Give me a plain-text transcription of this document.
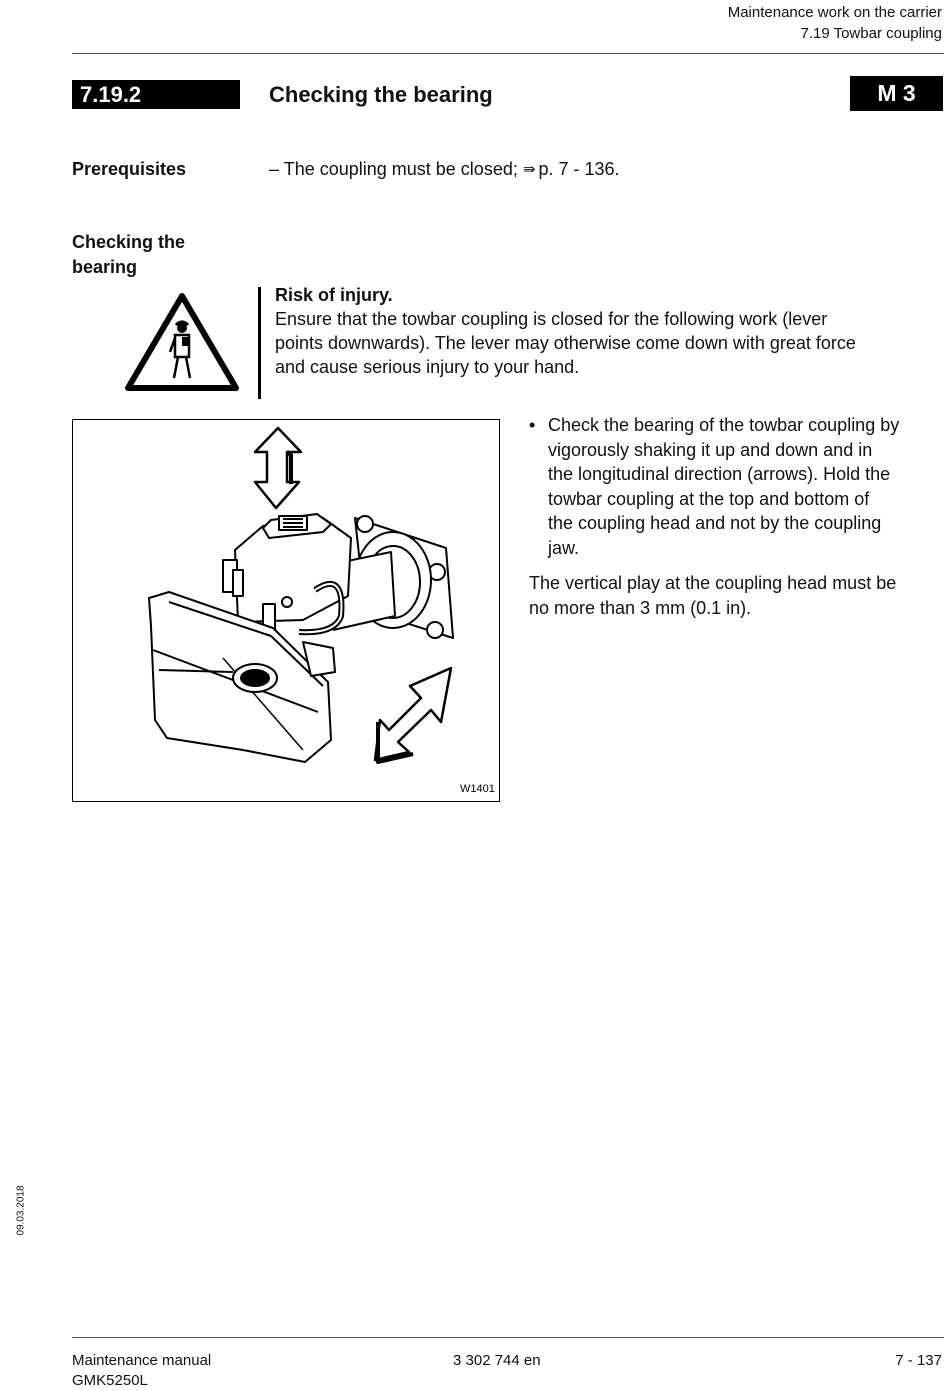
Maintenance work on the carrier
7.19 Towbar coupling
7.19.2	Checking the bearing	M 3
Prerequisites	– The coupling must be closed; ⇛ p. 7 - 136.
Checking the
bearing
Risk of injury.
Ensure that the towbar coupling is closed for the following work (lever
points downwards). The lever may otherwise come down with great force
and cause serious injury to your hand.
W1401
• Check the bearing of the towbar coupling by
vigorously shaking it up and down and in
the longitudinal direction (arrows). Hold the
towbar coupling at the top and bottom of
the coupling head and not by the coupling
jaw.
The vertical play at the coupling head must be
no more than 3 mm (0.1 in).
09.03.2018
Maintenance manual
GMK5250L
3 302 744 en	7 - 137
